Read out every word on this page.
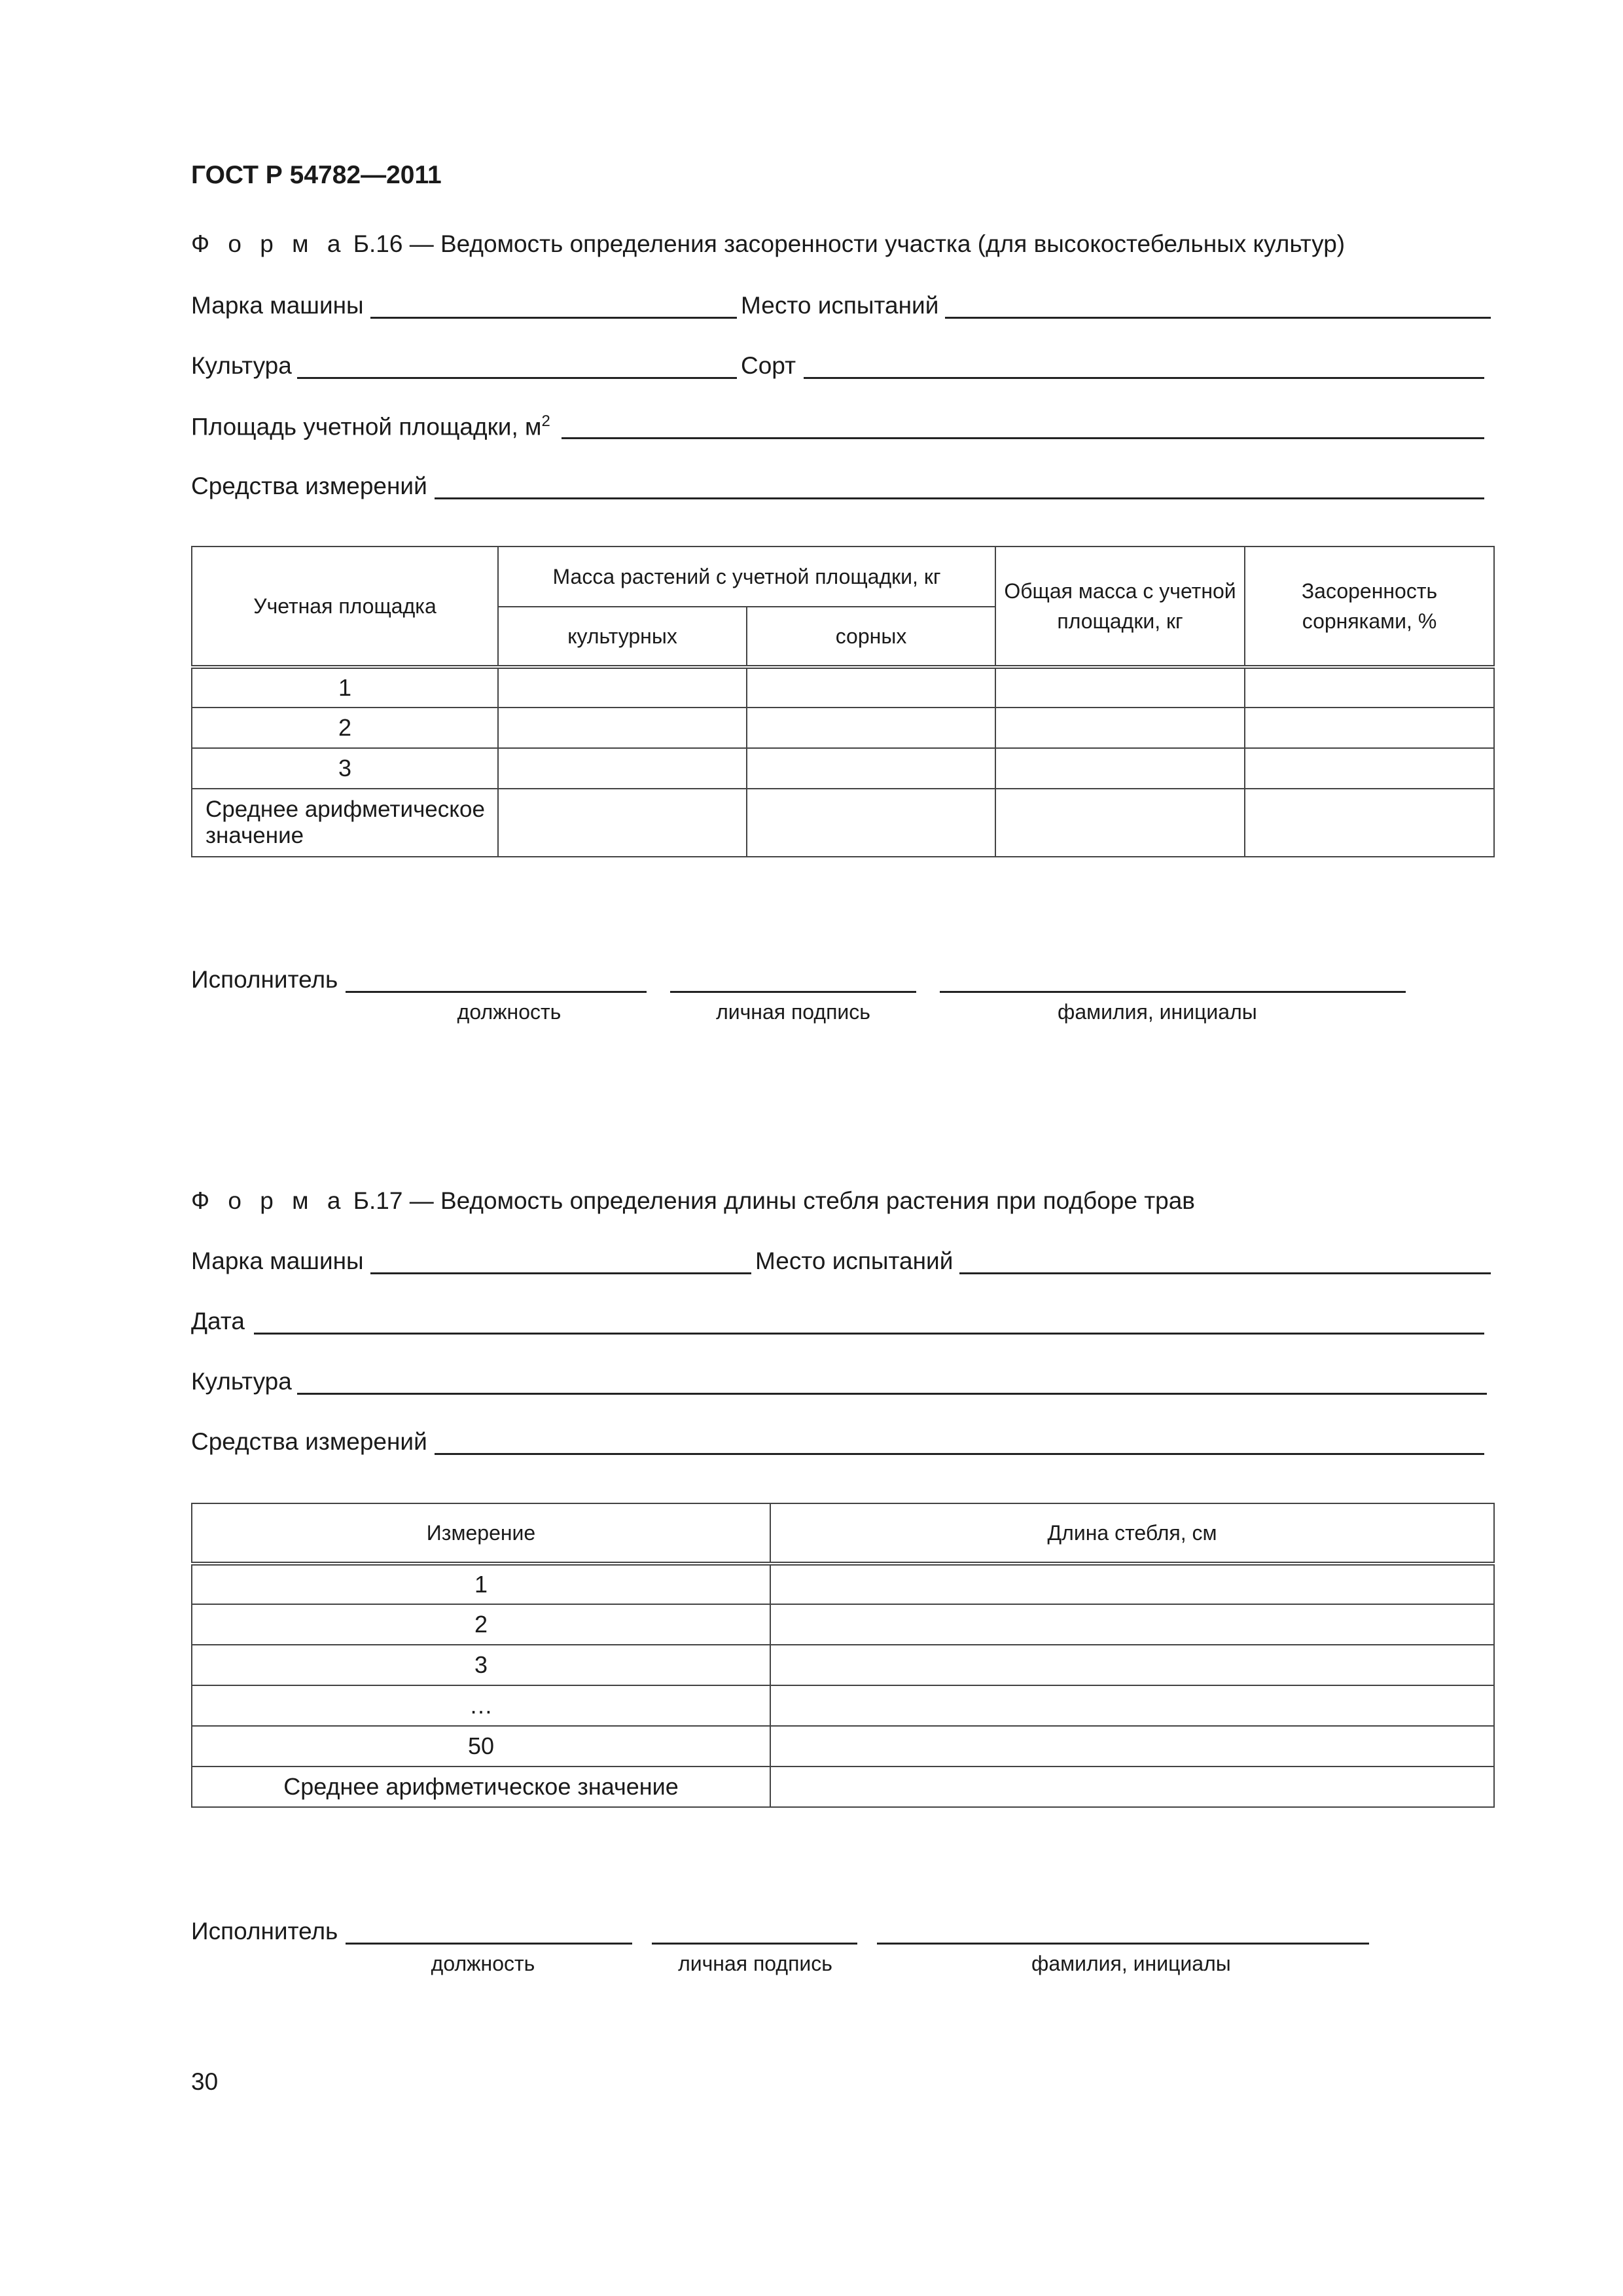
ГОСТ Р 54782—2011
Ф о р м а Б.16 — Ведомость определения засоренности участка (для высокостебельных культур)
Марка машины	Место испытаний
Культура	Сорт
Площадь учетной площадки, $м^2$
Средства измерений
Учетная площадка	Масса растений с учетной площадки, кг		Общая масса с учетной площадки, кг	Засоренность сорняками, %
	культурных	сорных		
1				
2				
3				
Среднее арифметическое значение				
Исполнитель
должность	личная подпись	фамилия, инициалы
Ф о р м а Б.17 — Ведомость определения длины стебля растения при подборе трав
Марка машины	Место испытаний
Дата
Культура
Средства измерений
Измерение	Длина стебля, см
1	
2	
3	
…	
50	
Среднее арифметическое значение	
Исполнитель
должность	личная подпись	фамилия, инициалы
30
